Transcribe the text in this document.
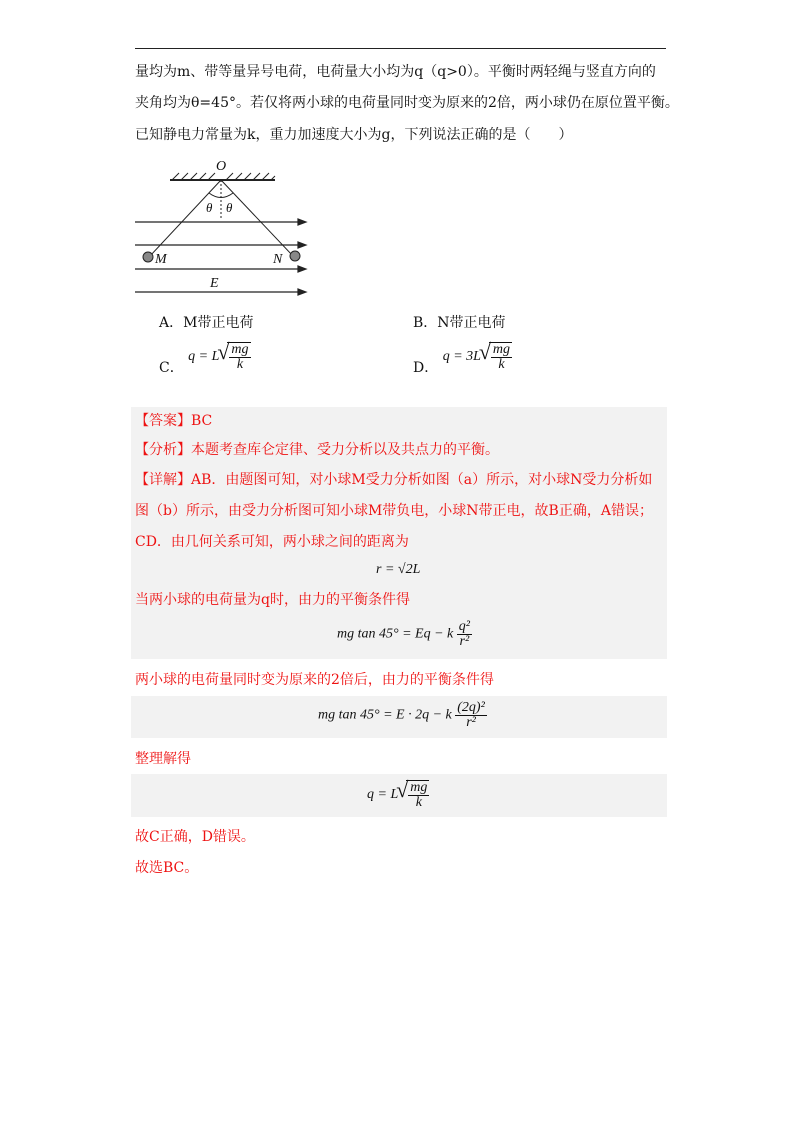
量均为m、带等量异号电荷，电荷量大小均为q（q>0）。平衡时两轻绳与竖直方向的
夹角均为θ=45°。若仅将两小球的电荷量同时变为原来的2倍，两小球仍在原位置平衡。
已知静电力常量为k，重力加速度大小为g，下列说法正确的是（　　）
O
θ θ
M	N
E
A．M带正电荷	B．N带正电荷
C． q = L √ $\frac{mg}{k}$	D． q = 3L √ $\frac{mg}{k}$
【答案】BC
【分析】本题考查库仑定律、受力分析以及共点力的平衡。
【详解】AB．由题图可知，对小球M受力分析如图（a）所示，对小球N受力分析如
图（b）所示，由受力分析图可知小球M带负电，小球N带正电，故B正确，A错误；
CD．由几何关系可知，两小球之间的距离为
r = √2L
当两小球的电荷量为q时，由力的平衡条件得
mg tan 45° = Eq − k $\frac{\text{q²}}{\text{r²}}$
两小球的电荷量同时变为原来的2倍后，由力的平衡条件得
mg tan 45° = E · 2q − k $\frac{\text{(2q)²}}{\text{r²}}$
整理解得
q = L √ $\frac{mg}{k}$
故C正确，D错误。
故选BC。
